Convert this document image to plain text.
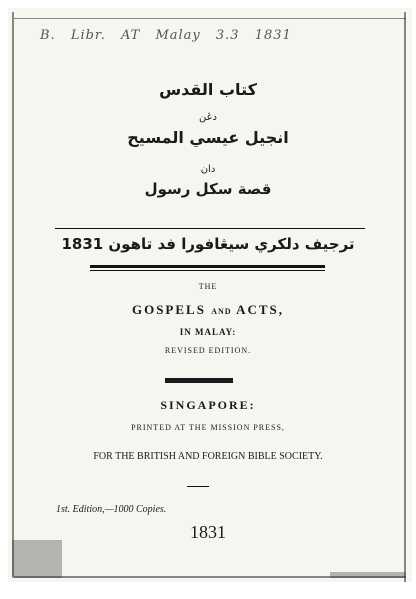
B. Libr. AT Malay 3.3 1831
كتاب القدس
دڠن
انجيل عيسي المسيح
دان
قصة سكل رسول
ترجيف دلكري سيڠافورا فد تاهون 1831
THE
GOSPELS AND ACTS,
IN MALAY:
REVISED EDITION.
SINGAPORE:
PRINTED AT THE MISSION PRESS,
FOR THE BRITISH AND FOREIGN BIBLE SOCIETY.
1st. Edition,—1000 Copies.
1831
